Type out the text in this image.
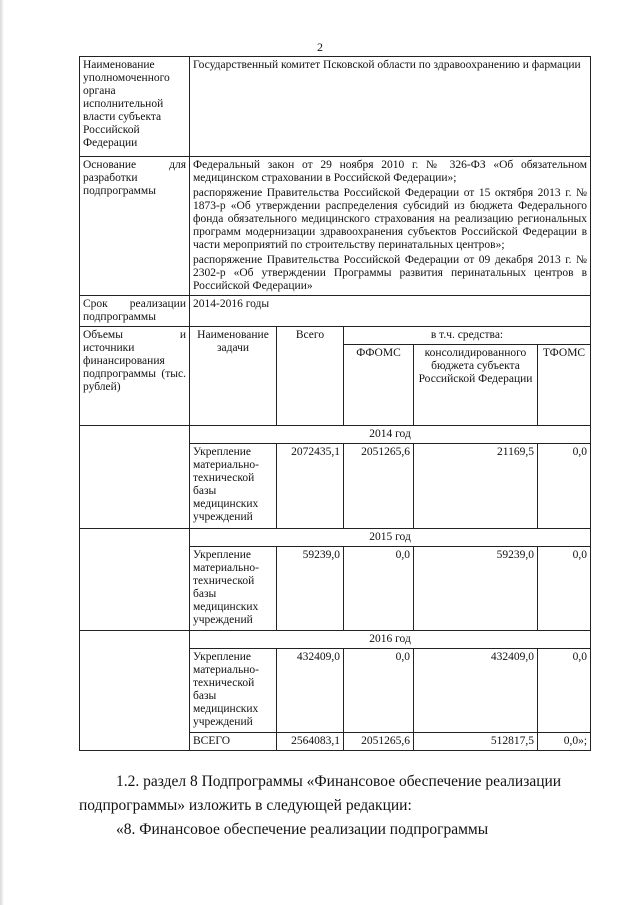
2
Наименование уполномоченного органа исполнительной власти субъекта Российской Федерации	Государственный комитет Псковской области по здравоохранению и фармации				
Основание для разработки подпрограммы	Федеральный закон от 29 ноября 2010 г. № 326-ФЗ «Об обязательном медицинском страховании в Российской Федерации»;

распоряжение Правительства Российской Федерации от 15 октября 2013 г. № 1873-р «Об утверждении распределения субсидий из бюджета Федерального фонда обязательного медицинского страхования на реализацию региональных программ модернизации здравоохранения субъектов Российской Федерации в части мероприятий по строительству перинатальных центров»;

распоряжение Правительства Российской Федерации от 09 декабря 2013 г. № 2302-р «Об утверждении Программы развития перинатальных центров в Российской Федерации»				

Срок реализации подпрограммы	2014-2016 годы				
Объемы и источники финансирования подпрограммы (тыс. рублей)	Наименование задачи	Всего	в т.ч. средства:		
			ФФОМС	консолидированного бюджета субъекта Российской Федерации	ТФОМС
	2014 год				
	Укрепление материально-технической базы медицинских учреждений	2072435,1	2051265,6	21169,5	0,0
	2015 год				
	Укрепление материально-технической базы медицинских учреждений	59239,0	0,0	59239,0	0,0
	2016 год				
	Укрепление материально-технической базы медицинских учреждений	432409,0	0,0	432409,0	0,0
	ВСЕГО	2564083,1	2051265,6	512817,5	0,0»;
1.2. раздел 8 Подпрограммы «Финансовое обеспечение реализации
подпрограммы» изложить в следующей редакции:
«8. Финансовое обеспечение реализации подпрограммы
